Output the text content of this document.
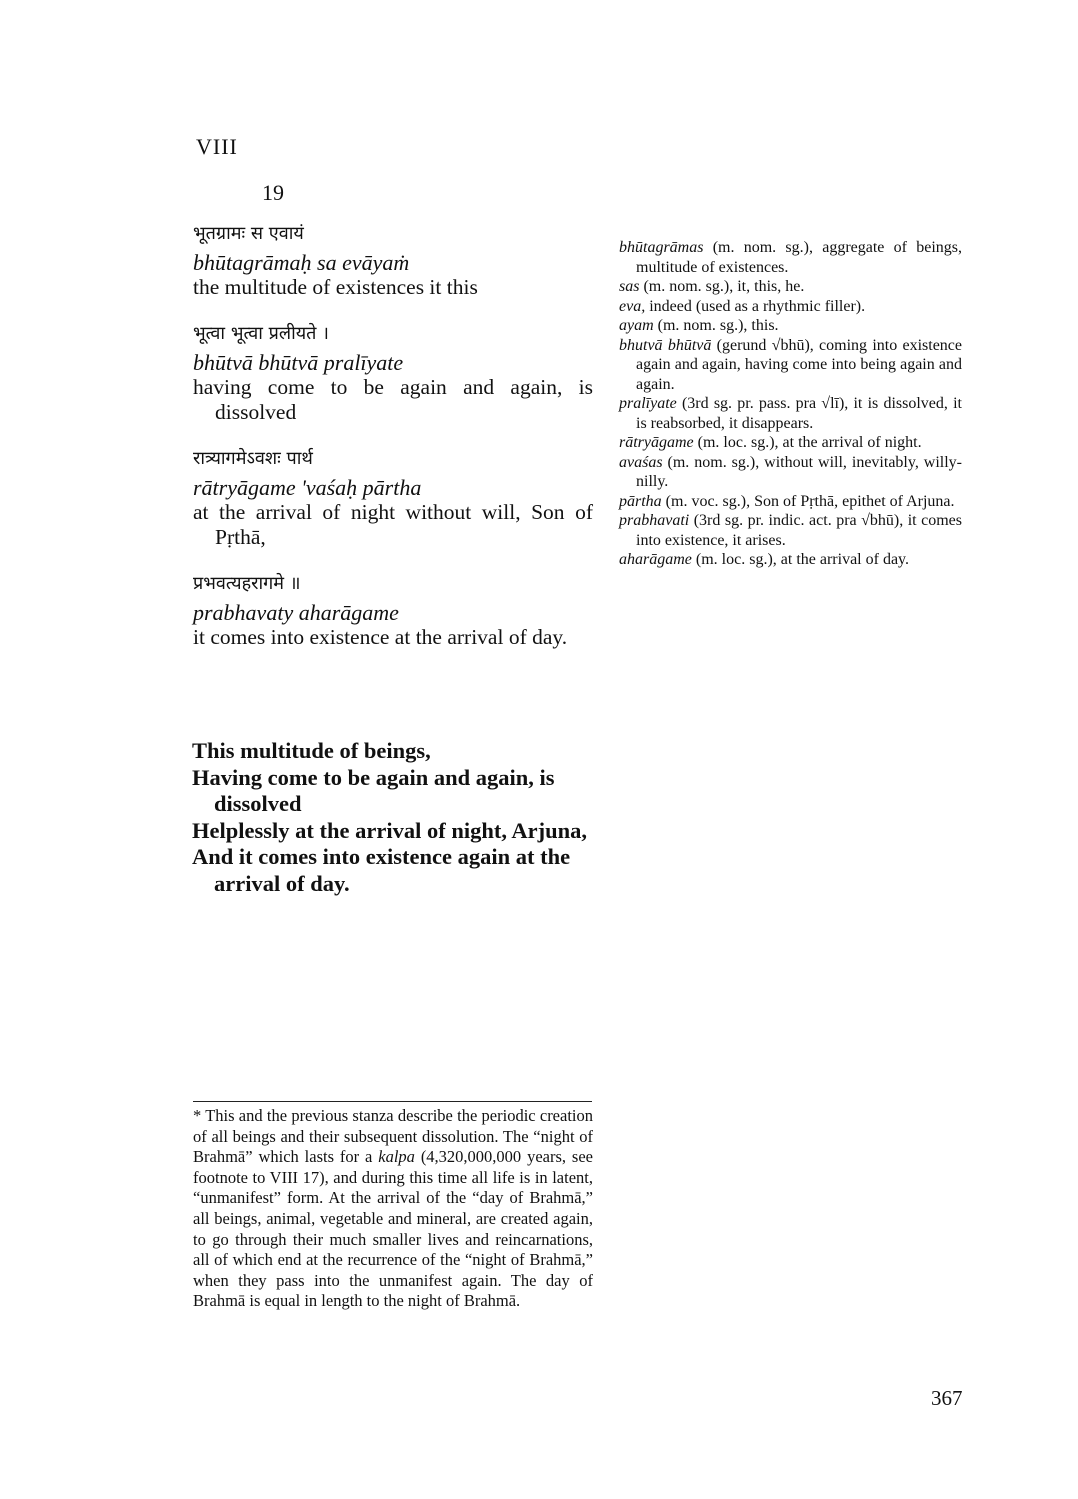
VIII
19
भूतग्रामः स एवायं
bhūtagrāmaḥ sa evāyaṁ
the multitude of existences it this
भूत्वा भूत्वा प्रलीयते ।
bhūtvā bhūtvā pralīyate
having come to be again and again, is dissolved
रात्र्यागमेऽवशः पार्थ
rātryāgame 'vaśaḥ pārtha
at the arrival of night without will, Son of Pṛthā,
प्रभवत्यहरागमे ॥
prabhavaty aharāgame
it comes into existence at the arrival of day.
This multitude of beings,
Having come to be again and again, is dissolved
Helplessly at the arrival of night, Arjuna,
And it comes into existence again at the arrival of day.
bhūtagrāmas (m. nom. sg.), aggregate of beings, multitude of existences.
sas (m. nom. sg.), it, this, he.
eva, indeed (used as a rhythmic filler).
ayam (m. nom. sg.), this.
bhutvā bhūtvā (gerund √bhū), coming into existence again and again, having come into being again and again.
pralīyate (3rd sg. pr. pass. pra √lī), it is dissolved, it is reabsorbed, it disappears.
rātryāgame (m. loc. sg.), at the arrival of night.
avaśas (m. nom. sg.), without will, inevitably, willy-nilly.
pārtha (m. voc. sg.), Son of Pṛthā, epithet of Arjuna.
prabhavati (3rd sg. pr. indic. act. pra √bhū), it comes into existence, it arises.
aharāgame (m. loc. sg.), at the arrival of day.
* This and the previous stanza describe the periodic creation of all beings and their subsequent dissolution. The “night of Brahmā” which lasts for a kalpa (4,320,000,000 years, see footnote to VIII 17), and during this time all life is in latent, “unmanifest” form. At the arrival of the “day of Brahmā,” all beings, animal, vegetable and mineral, are created again, to go through their much smaller lives and reincarnations, all of which end at the recurrence of the “night of Brahmā,” when they pass into the unmanifest again. The day of Brahmā is equal in length to the night of Brahmā.
367
